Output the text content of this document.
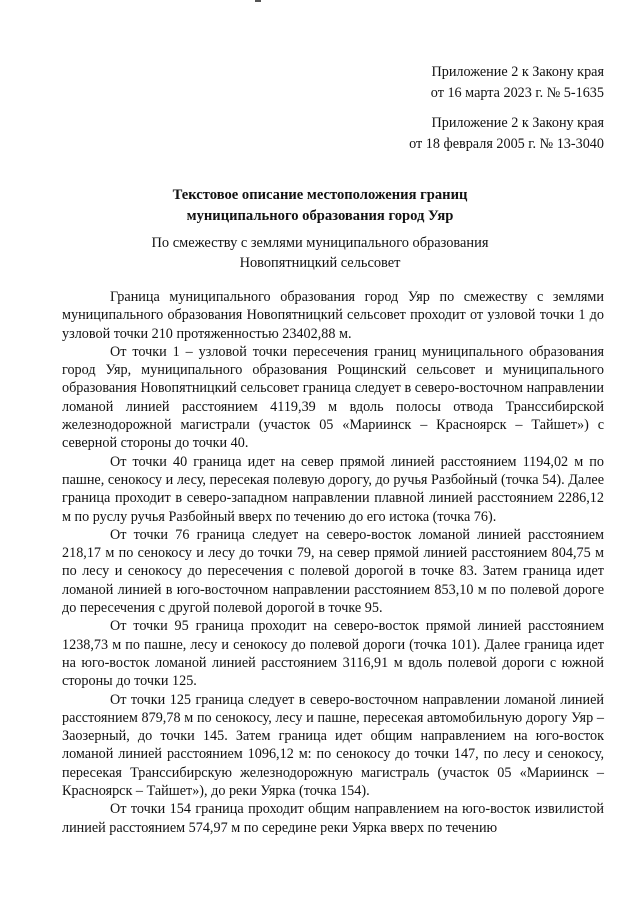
Приложение 2 к Закону края
от 16 марта 2023 г. № 5-1635
Приложение 2 к Закону края
от 18 февраля 2005 г. № 13-3040
Текстовое описание местоположения границ
муниципального образования город Уяр
По смежеству с землями муниципального образования
Новопятницкий сельсовет

Граница муниципального образования город Уяр по смежеству с землями муниципального образования Новопятницкий сельсовет проходит от узловой точки 1 до узловой точки 210 протяженностью 23402,88 м.

От точки 1 – узловой точки пересечения границ муниципального образования город Уяр, муниципального образования Рощинский сельсовет и муниципального образования Новопятницкий сельсовет граница следует в северо-восточном направлении ломаной линией расстоянием 4119,39 м вдоль полосы отвода Транссибирской железнодорожной магистрали (участок 05 «Мариинск – Красноярск – Тайшет») с северной стороны до точки 40.

От точки 40 граница идет на север прямой линией расстоянием 1194,02 м по пашне, сенокосу и лесу, пересекая полевую дорогу, до ручья Разбойный (точка 54). Далее граница проходит в северо-западном направлении плавной линией расстоянием 2286,12 м по руслу ручья Разбойный вверх по течению до его истока (точка 76).

От точки 76 граница следует на северо-восток ломаной линией расстоянием 218,17 м по сенокосу и лесу до точки 79, на север прямой линией расстоянием 804,75 м по лесу и сенокосу до пересечения с полевой дорогой в точке 83. Затем граница идет ломаной линией в юго-восточном направлении расстоянием 853,10 м по полевой дороге до пересечения с другой полевой дорогой в точке 95.

От точки 95 граница проходит на северо-восток прямой линией расстоянием 1238,73 м по пашне, лесу и сенокосу до полевой дороги (точка 101). Далее граница идет на юго-восток ломаной линией расстоянием 3116,91 м вдоль полевой дороги с южной стороны до точки 125.

От точки 125 граница следует в северо-восточном направлении ломаной линией расстоянием 879,78 м по сенокосу, лесу и пашне, пересекая автомобильную дорогу Уяр – Заозерный, до точки 145. Затем граница идет общим направлением на юго-восток ломаной линией расстоянием 1096,12 м: по сенокосу до точки 147, по лесу и сенокосу, пересекая Транссибирскую железнодорожную магистраль (участок 05 «Мариинск – Красноярск – Тайшет»), до реки Уярка (точка 154).

От точки 154 граница проходит общим направлением на юго-восток извилистой линией расстоянием 574,97 м по середине реки Уярка вверх по течению
